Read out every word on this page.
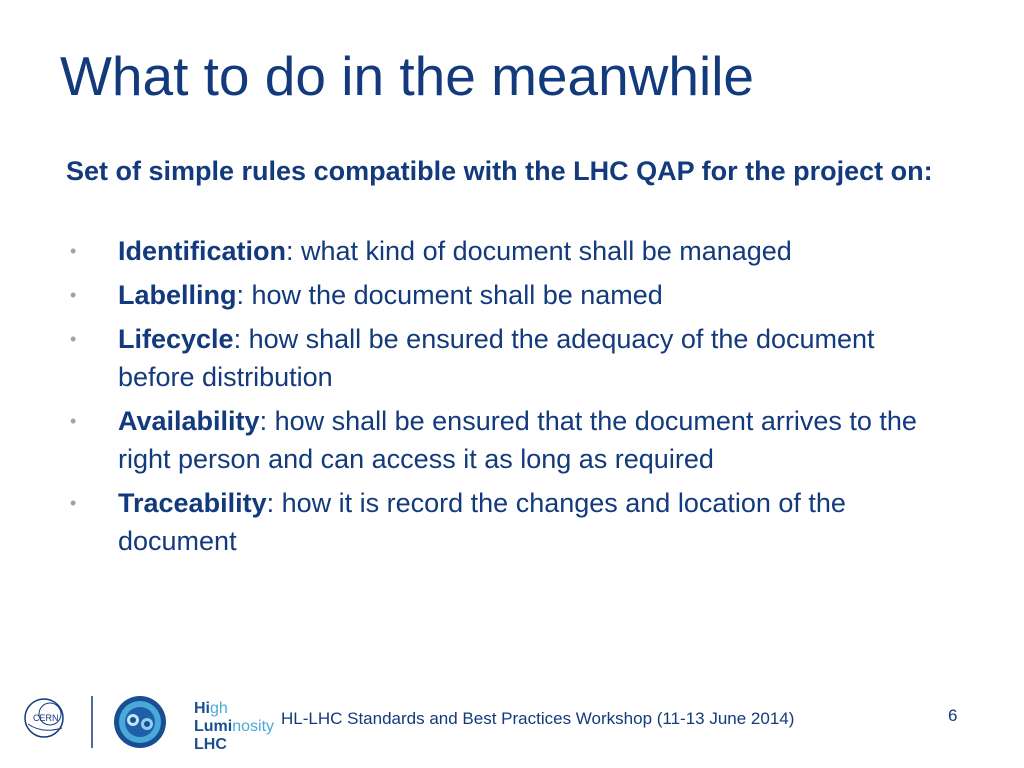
What to do in the meanwhile

Set of simple rules compatible with the LHC QAP for the project on:

• Identification: what kind of document shall be managed
• Labelling: how the document shall be named
• Lifecycle: how shall be ensured the adequacy of the document before distribution
• Availability: how shall be ensured that the document arrives to the right person and can access it as long as required
• Traceability: how it is record the changes and location of the document
CERN
High
Luminosity
LHC
HL-LHC Standards and Best Practices Workshop (11-13 June 2014)	6
